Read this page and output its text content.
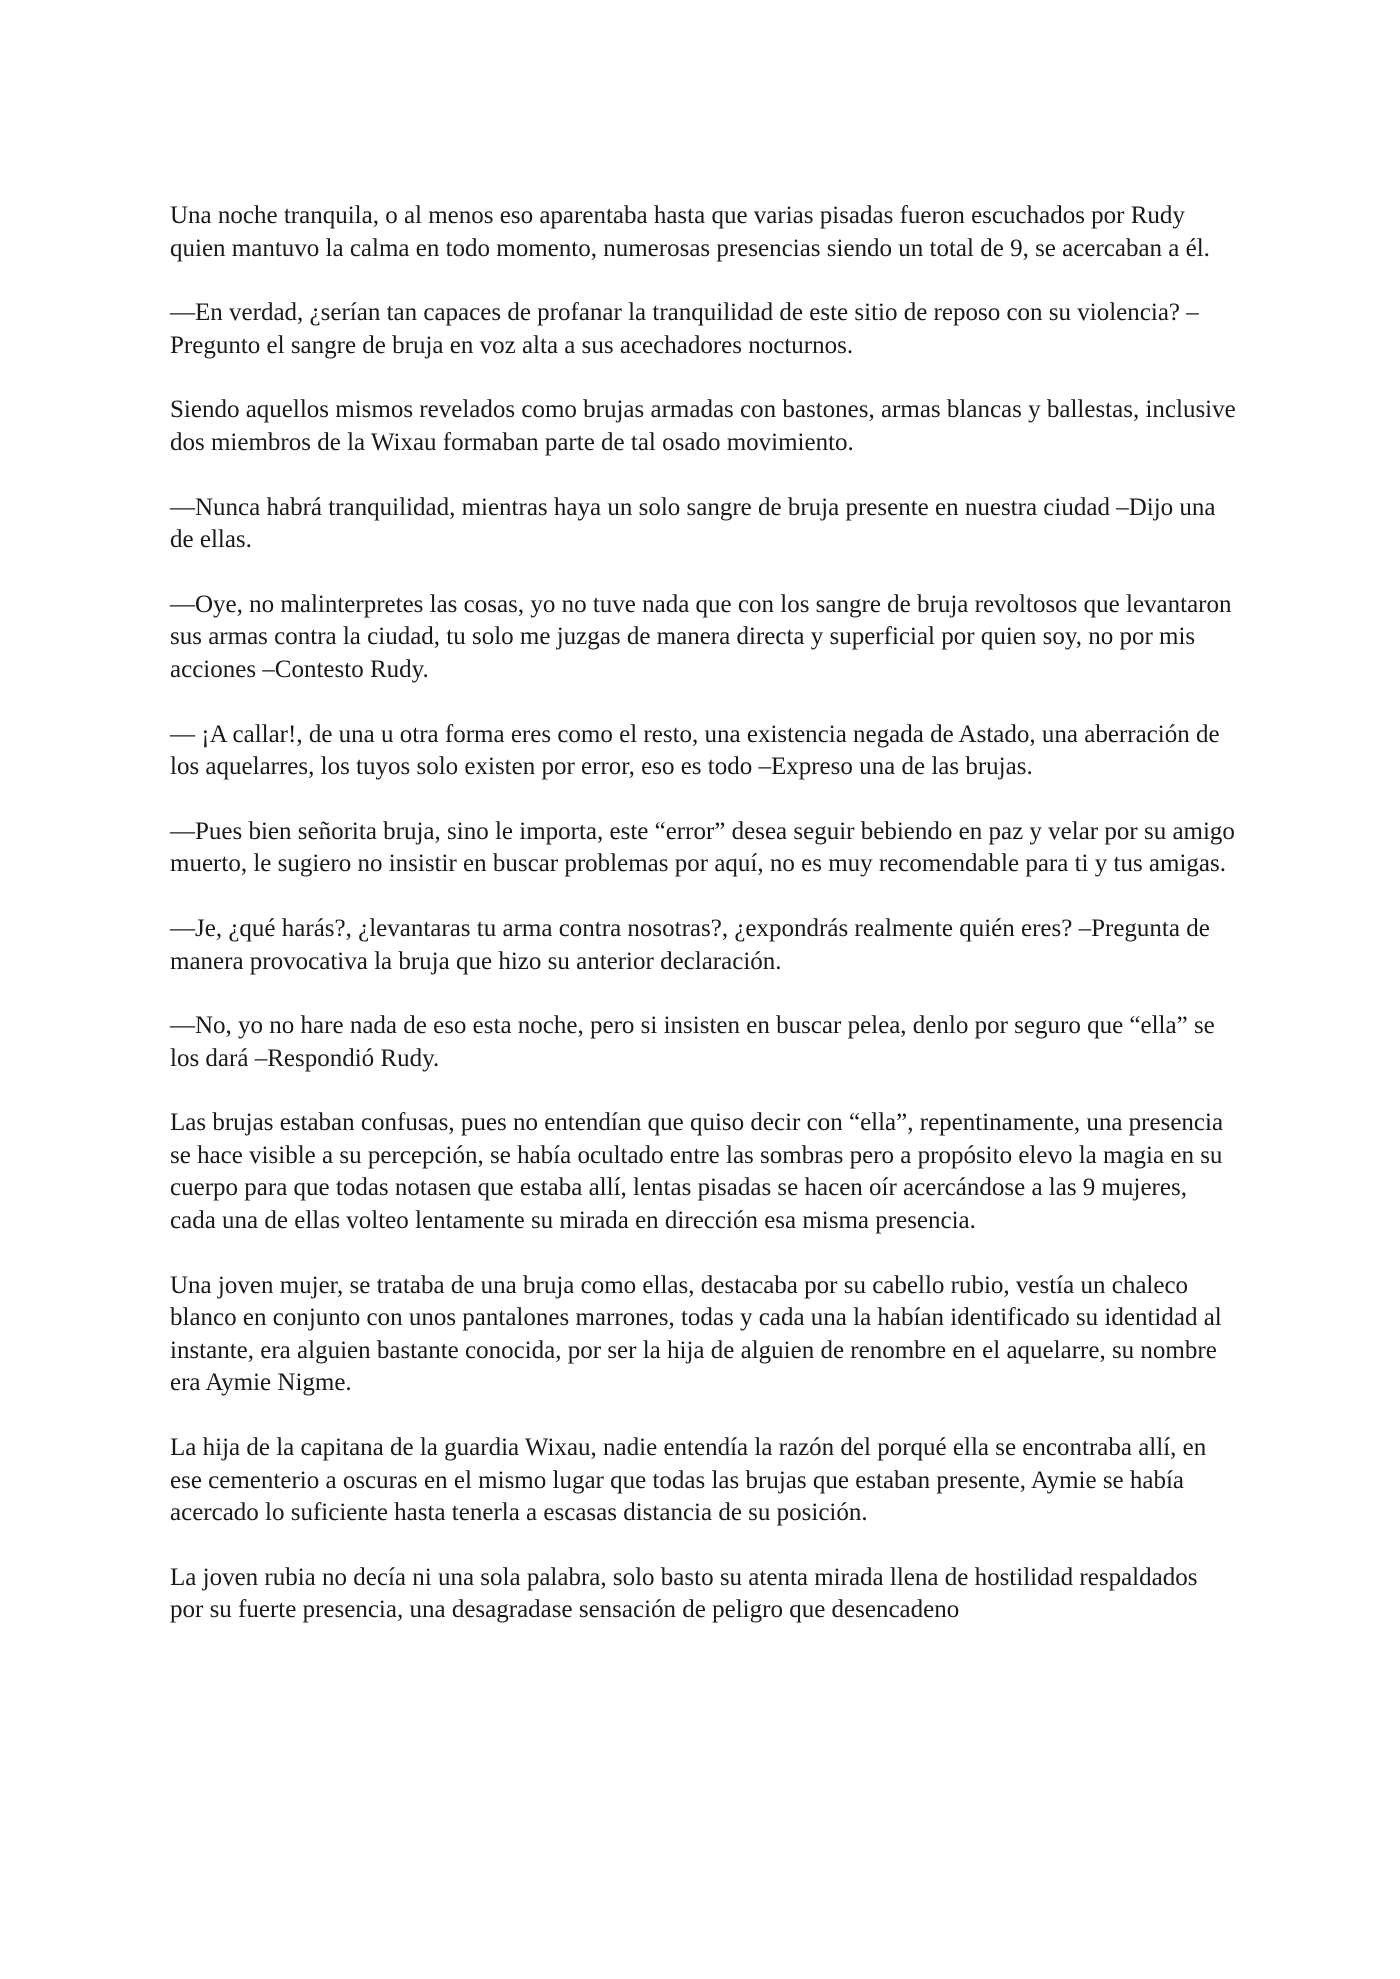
Una noche tranquila, o al menos eso aparentaba hasta que varias pisadas fueron escuchados por Rudy quien mantuvo la calma en todo momento, numerosas presencias siendo un total de 9, se acercaban a él.

—En verdad, ¿serían tan capaces de profanar la tranquilidad de este sitio de reposo con su violencia? –Pregunto el sangre de bruja en voz alta a sus acechadores nocturnos.

Siendo aquellos mismos revelados como brujas armadas con bastones, armas blancas y ballestas, inclusive dos miembros de la Wixau formaban parte de tal osado movimiento.

—Nunca habrá tranquilidad, mientras haya un solo sangre de bruja presente en nuestra ciudad –Dijo una de ellas.

—Oye, no malinterpretes las cosas, yo no tuve nada que con los sangre de bruja revoltosos que levantaron sus armas contra la ciudad, tu solo me juzgas de manera directa y superficial por quien soy, no por mis acciones –Contesto Rudy.

— ¡A callar!, de una u otra forma eres como el resto, una existencia negada de Astado, una aberración de los aquelarres, los tuyos solo existen por error, eso es todo –Expreso una de las brujas.

—Pues bien señorita bruja, sino le importa, este “error” desea seguir bebiendo en paz y velar por su amigo muerto, le sugiero no insistir en buscar problemas por aquí, no es muy recomendable para ti y tus amigas.

—Je, ¿qué harás?, ¿levantaras tu arma contra nosotras?, ¿expondrás realmente quién eres? –Pregunta de manera provocativa la bruja que hizo su anterior declaración.

—No, yo no hare nada de eso esta noche, pero si insisten en buscar pelea, denlo por seguro que “ella” se los dará –Respondió Rudy.

Las brujas estaban confusas, pues no entendían que quiso decir con “ella”, repentinamente, una presencia se hace visible a su percepción, se había ocultado entre las sombras pero a propósito elevo la magia en su cuerpo para que todas notasen que estaba allí, lentas pisadas se hacen oír acercándose a las 9 mujeres, cada una de ellas volteo lentamente su mirada en dirección esa misma presencia.

Una joven mujer, se trataba de una bruja como ellas, destacaba por su cabello rubio, vestía un chaleco blanco en conjunto con unos pantalones marrones, todas y cada una la habían identificado su identidad al instante, era alguien bastante conocida, por ser la hija de alguien de renombre en el aquelarre, su nombre era Aymie Nigme.

La hija de la capitana de la guardia Wixau, nadie entendía la razón del porqué ella se encontraba allí, en ese cementerio a oscuras en el mismo lugar que todas las brujas que estaban presente, Aymie se había acercado lo suficiente hasta tenerla a escasas distancia de su posición.

La joven rubia no decía ni una sola palabra, solo basto su atenta mirada llena de hostilidad respaldados por su fuerte presencia, una desagradase sensación de peligro que desencadeno
